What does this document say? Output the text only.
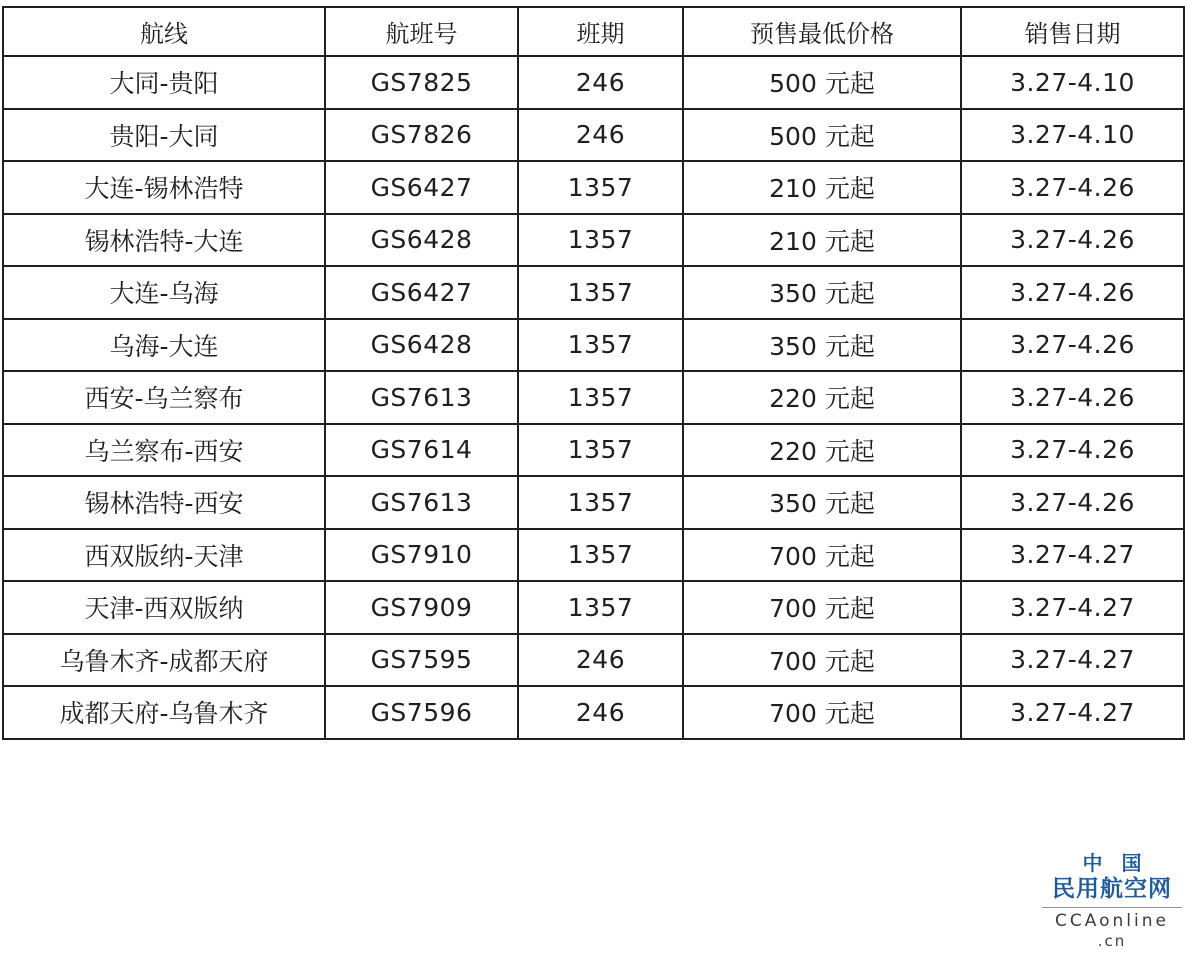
航线	航班号	班期	预售最低价格	销售日期
大同-贵阳	GS7825	246	500 元起	3.27-4.10
贵阳-大同	GS7826	246	500 元起	3.27-4.10
大连-锡林浩特	GS6427	1357	210 元起	3.27-4.26
锡林浩特-大连	GS6428	1357	210 元起	3.27-4.26
大连-乌海	GS6427	1357	350 元起	3.27-4.26
乌海-大连	GS6428	1357	350 元起	3.27-4.26
西安-乌兰察布	GS7613	1357	220 元起	3.27-4.26
乌兰察布-西安	GS7614	1357	220 元起	3.27-4.26
锡林浩特-西安	GS7613	1357	350 元起	3.27-4.26
西双版纳-天津	GS7910	1357	700 元起	3.27-4.27
天津-西双版纳	GS7909	1357	700 元起	3.27-4.27
乌鲁木齐-成都天府	GS7595	246	700 元起	3.27-4.27
成都天府-乌鲁木齐	GS7596	246	700 元起	3.27-4.27
中 国
民用航空网
CCAonline
.cn
